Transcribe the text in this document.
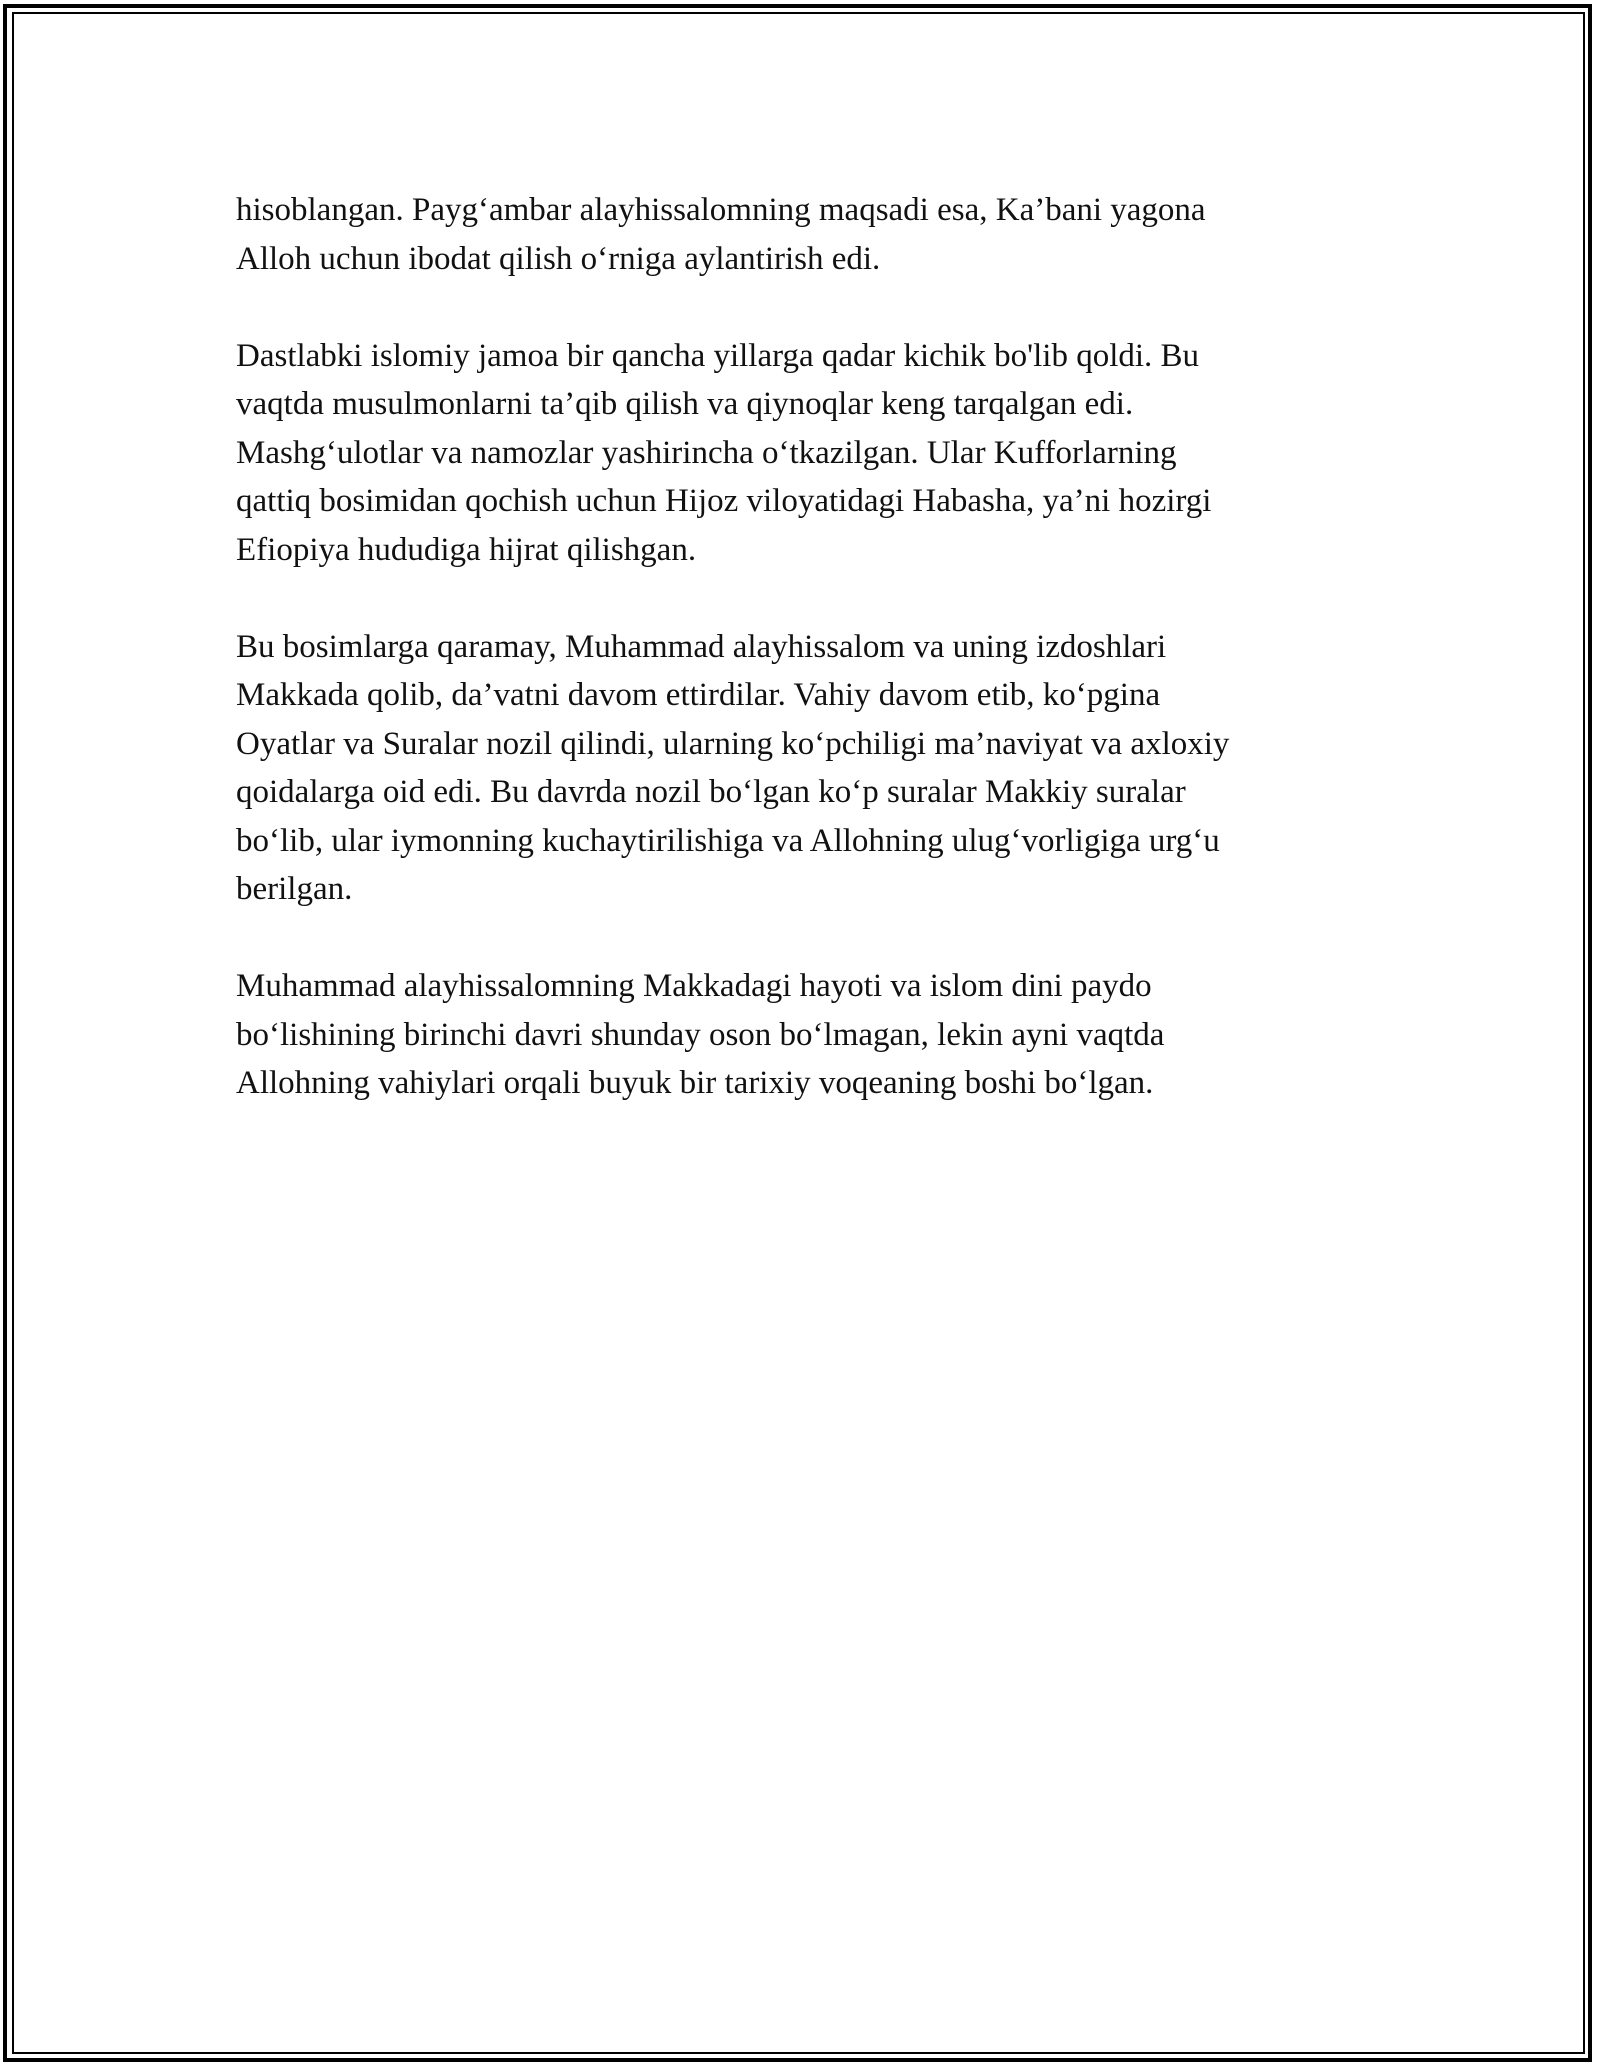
hisoblangan. Payg‘ambar alayhissalomning maqsadi esa, Ka’bani yagona
Alloh uchun ibodat qilish o‘rniga aylantirish edi.

Dastlabki islomiy jamoa bir qancha yillarga qadar kichik bo'lib qoldi. Bu
vaqtda musulmonlarni ta’qib qilish va qiynoqlar keng tarqalgan edi.
Mashg‘ulotlar va namozlar yashirincha o‘tkazilgan. Ular Kufforlarning
qattiq bosimidan qochish uchun Hijoz viloyatidagi Habasha, ya’ni hozirgi
Efiopiya hududiga hijrat qilishgan.

Bu bosimlarga qaramay, Muhammad alayhissalom va uning izdoshlari
Makkada qolib, da’vatni davom ettirdilar. Vahiy davom etib, ko‘pgina
Oyatlar va Suralar nozil qilindi, ularning ko‘pchiligi ma’naviyat va axloxiy
qoidalarga oid edi. Bu davrda nozil bo‘lgan ko‘p suralar Makkiy suralar
bo‘lib, ular iymonning kuchaytirilishiga va Allohning ulug‘vorligiga urg‘u
berilgan.

Muhammad alayhissalomning Makkadagi hayoti va islom dini paydo
bo‘lishining birinchi davri shunday oson bo‘lmagan, lekin ayni vaqtda
Allohning vahiylari orqali buyuk bir tarixiy voqeaning boshi bo‘lgan.
